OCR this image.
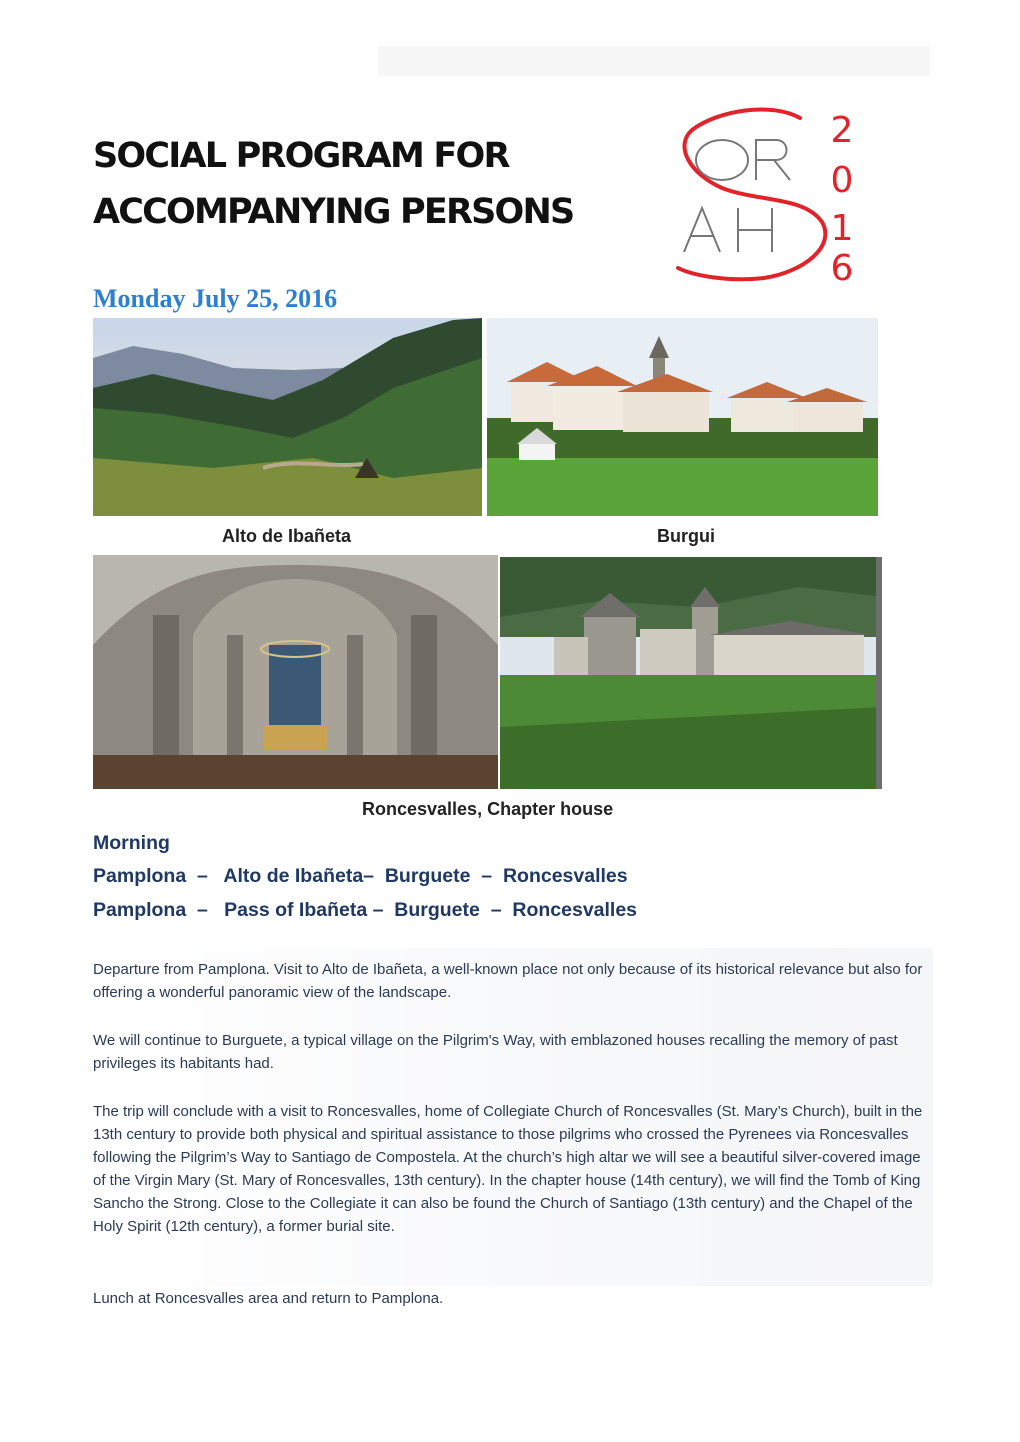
SOCIAL PROGRAM FOR
ACCOMPANYING PERSONS
2
0
1
6
Monday July 25, 2016
Alto de Ibañeta	Burgui
Roncesvalles, Chapter house
Morning
Pamplona  –   Alto de Ibañeta–  Burguete  –  Roncesvalles
Pamplona  –   Pass of Ibañeta –  Burguete  –  Roncesvalles

Departure from Pamplona. Visit to Alto de Ibañeta, a well-known place not only because of its historical relevance but also for offering a wonderful panoramic view of the landscape.

We will continue to Burguete, a typical village on the Pilgrim's Way, with emblazoned houses recalling the memory of past privileges its habitants had.

The trip will conclude with a visit to Roncesvalles, home of Collegiate Church of Roncesvalles (St. Mary’s Church), built in the 13th century to provide both physical and spiritual assistance to those pilgrims who crossed the Pyrenees via Roncesvalles following the Pilgrim’s Way to Santiago de Compostela. At the church’s high altar we will see a beautiful silver-covered image of the Virgin Mary (St. Mary of Roncesvalles, 13th century). In the chapter house (14th century), we will find the Tomb of King Sancho the Strong. Close to the Collegiate it can also be found the Church of Santiago (13th century) and the Chapel of the Holy Spirit (12th century), a former burial site.

Lunch at Roncesvalles area and return to Pamplona.
